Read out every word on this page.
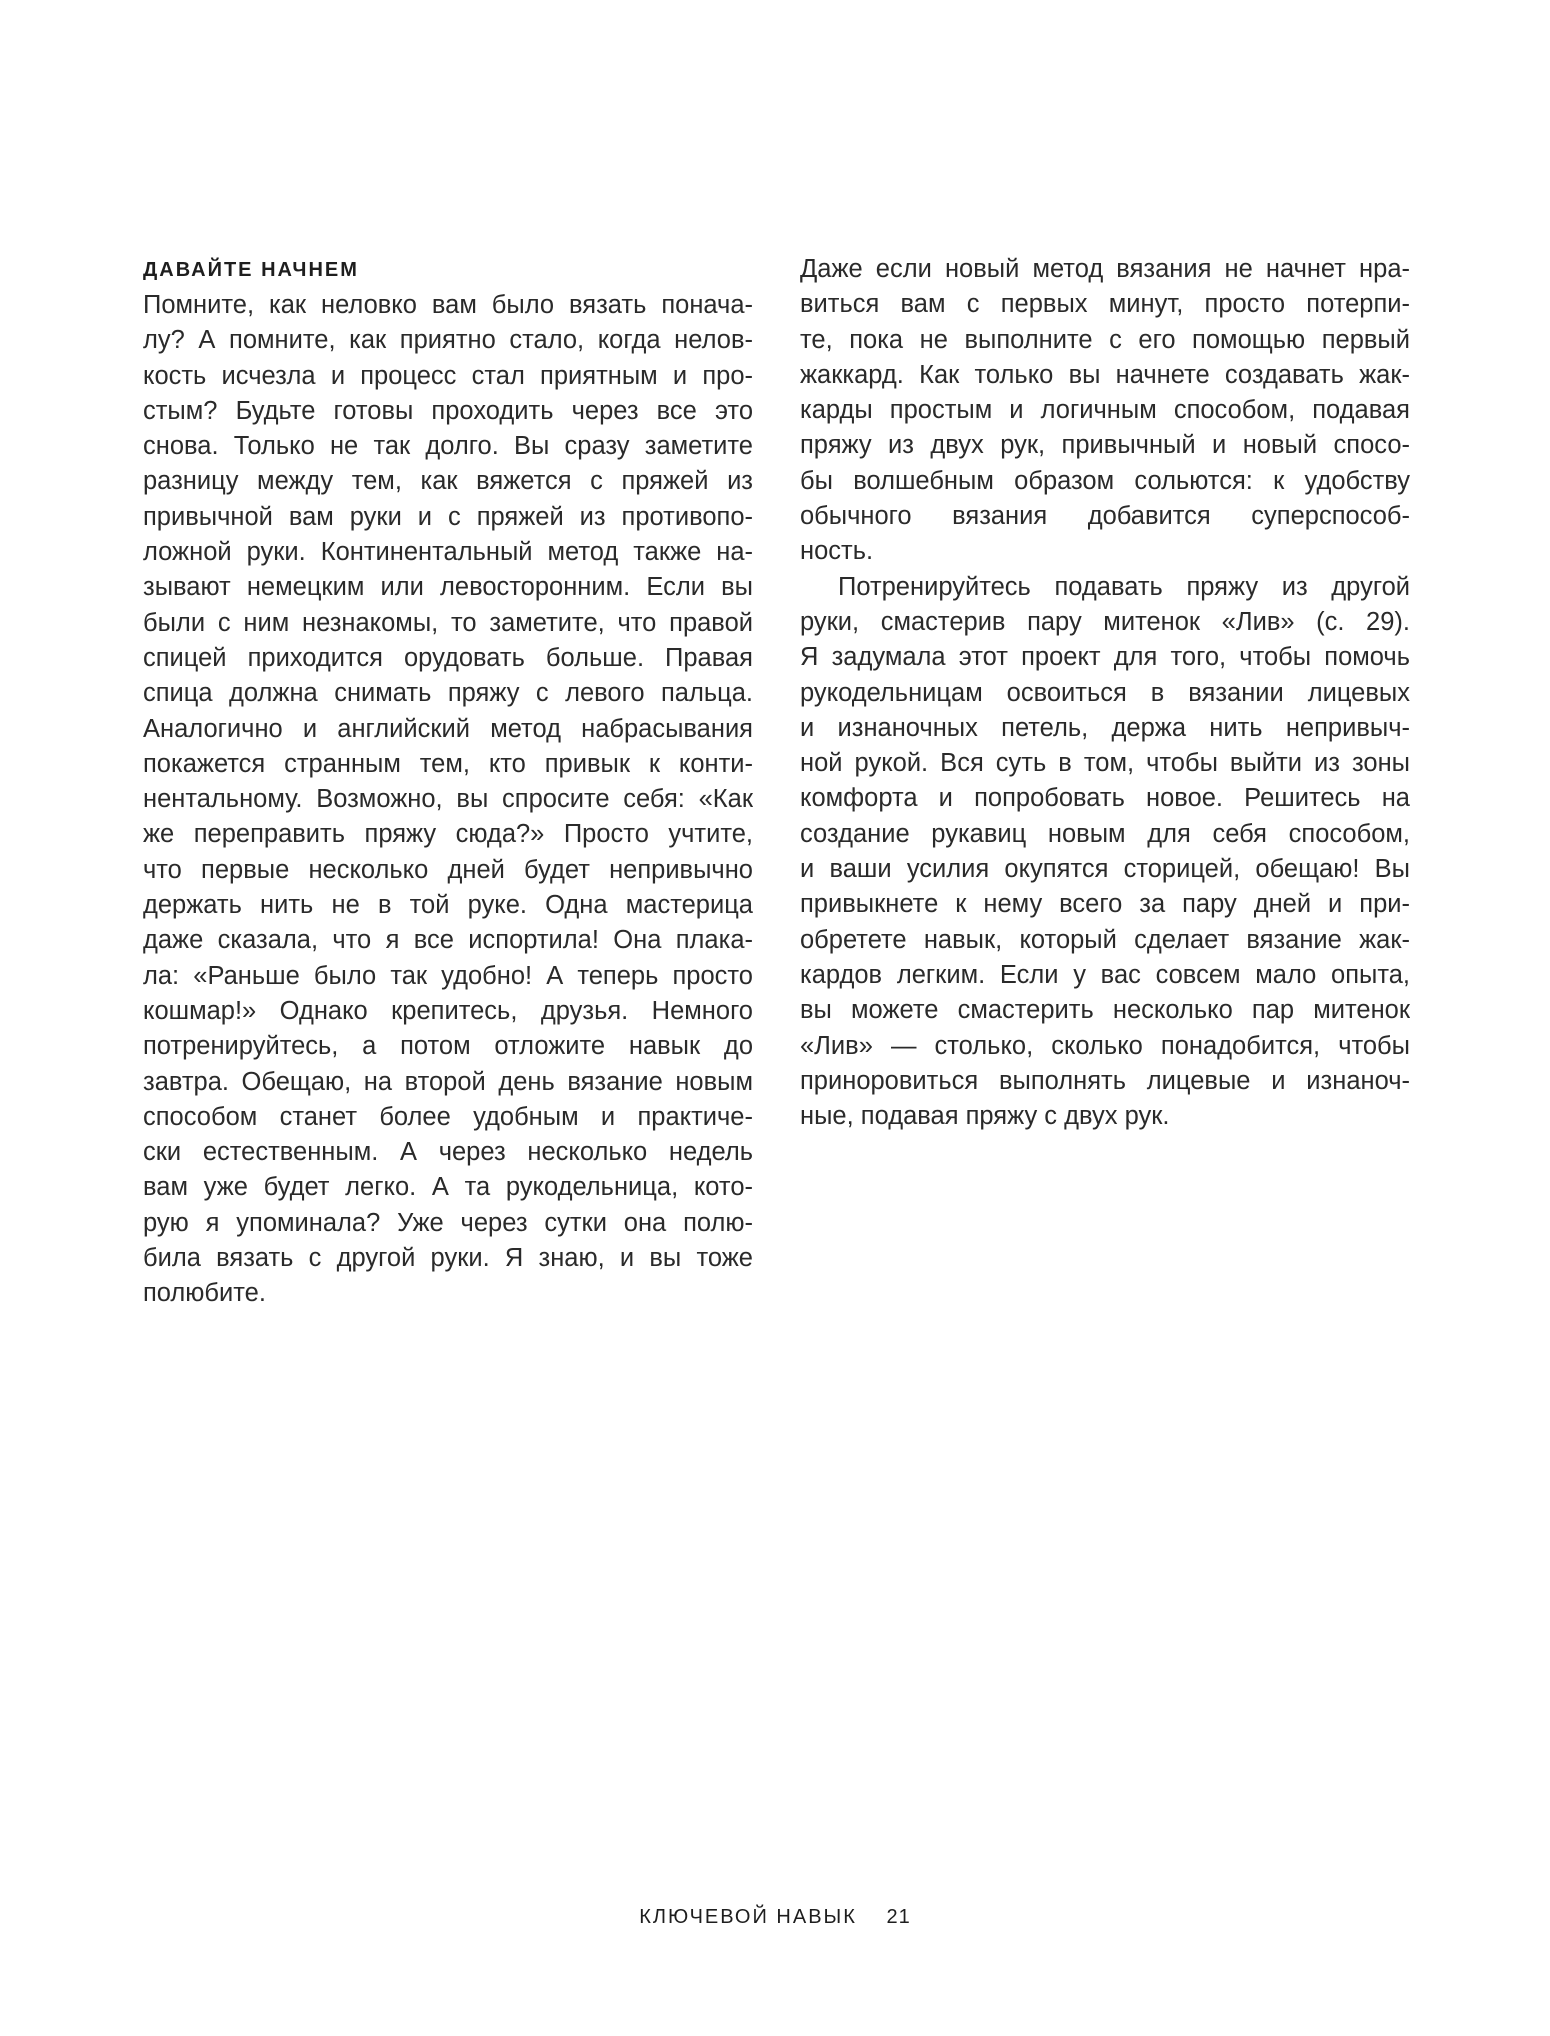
ДАВАЙТЕ НАЧНЕМ
Помните, как неловко вам было вязать поначa-
лу? А помните, как приятно стало, когда нелов-
кость исчезла и процесс стал приятным и про-
стым? Будьте готовы проходить через все это
снова. Только не так долго. Вы сразу заметите
разницу между тем, как вяжется с пряжей из
привычной вам руки и с пряжей из противопо-
ложной руки. Континентальный метод также на-
зывают немецким или левосторонним. Если вы
были с ним незнакомы, то заметите, что правой
спицей приходится орудовать больше. Правая
спица должна снимать пряжу с левого пальца.
Аналогично и английский метод набрасывания
покажется странным тем, кто привык к конти-
нентальному. Возможно, вы спросите себя: «Как
же переправить пряжу сюда?» Просто учтите,
что первые несколько дней будет непривычно
держать нить не в той руке. Одна мастерица
даже сказала, что я все испортила! Она плака-
ла: «Раньше было так удобно! А теперь просто
кошмар!» Однако крепитесь, друзья. Немного
потренируйтесь, а потом отложите навык до
завтра. Обещаю, на второй день вязание новым
способом станет более удобным и практиче-
ски естественным. А через несколько недель
вам уже будет легко. А та рукодельница, кото-
рую я упоминала? Уже через сутки она полю-
била вязать с другой руки. Я знаю, и вы тоже
полюбите.
Даже если новый метод вязания не начнет нра-
виться вам с первых минут, просто потерпи-
те, пока не выполните с его помощью первый
жаккард. Как только вы начнете создавать жак-
карды простым и логичным способом, подавая
пряжу из двух рук, привычный и новый спосо-
бы волшебным образом сольются: к удобству
обычного вязания добавится суперспособ-
ность.
Потренируйтесь подавать пряжу из другой
руки, смастерив пару митенок «Лив» (с. 29).
Я задумала этот проект для того, чтобы помочь
рукодельницам освоиться в вязании лицевых
и изнаночных петель, держа нить непривыч-
ной рукой. Вся суть в том, чтобы выйти из зоны
комфорта и попробовать новое. Решитесь на
создание рукавиц новым для себя способом,
и ваши усилия окупятся сторицей, обещаю! Вы
привыкнете к нему всего за пару дней и при-
обретете навык, который сделает вязание жак-
кардов легким. Если у вас совсем мало опыта,
вы можете смастерить несколько пар митенок
«Лив» — столько, сколько понадобится, чтобы
приноровиться выполнять лицевые и изнаноч-
ные, подавая пряжу с двух рук.
КЛЮЧЕВОЙ НАВЫК 21
